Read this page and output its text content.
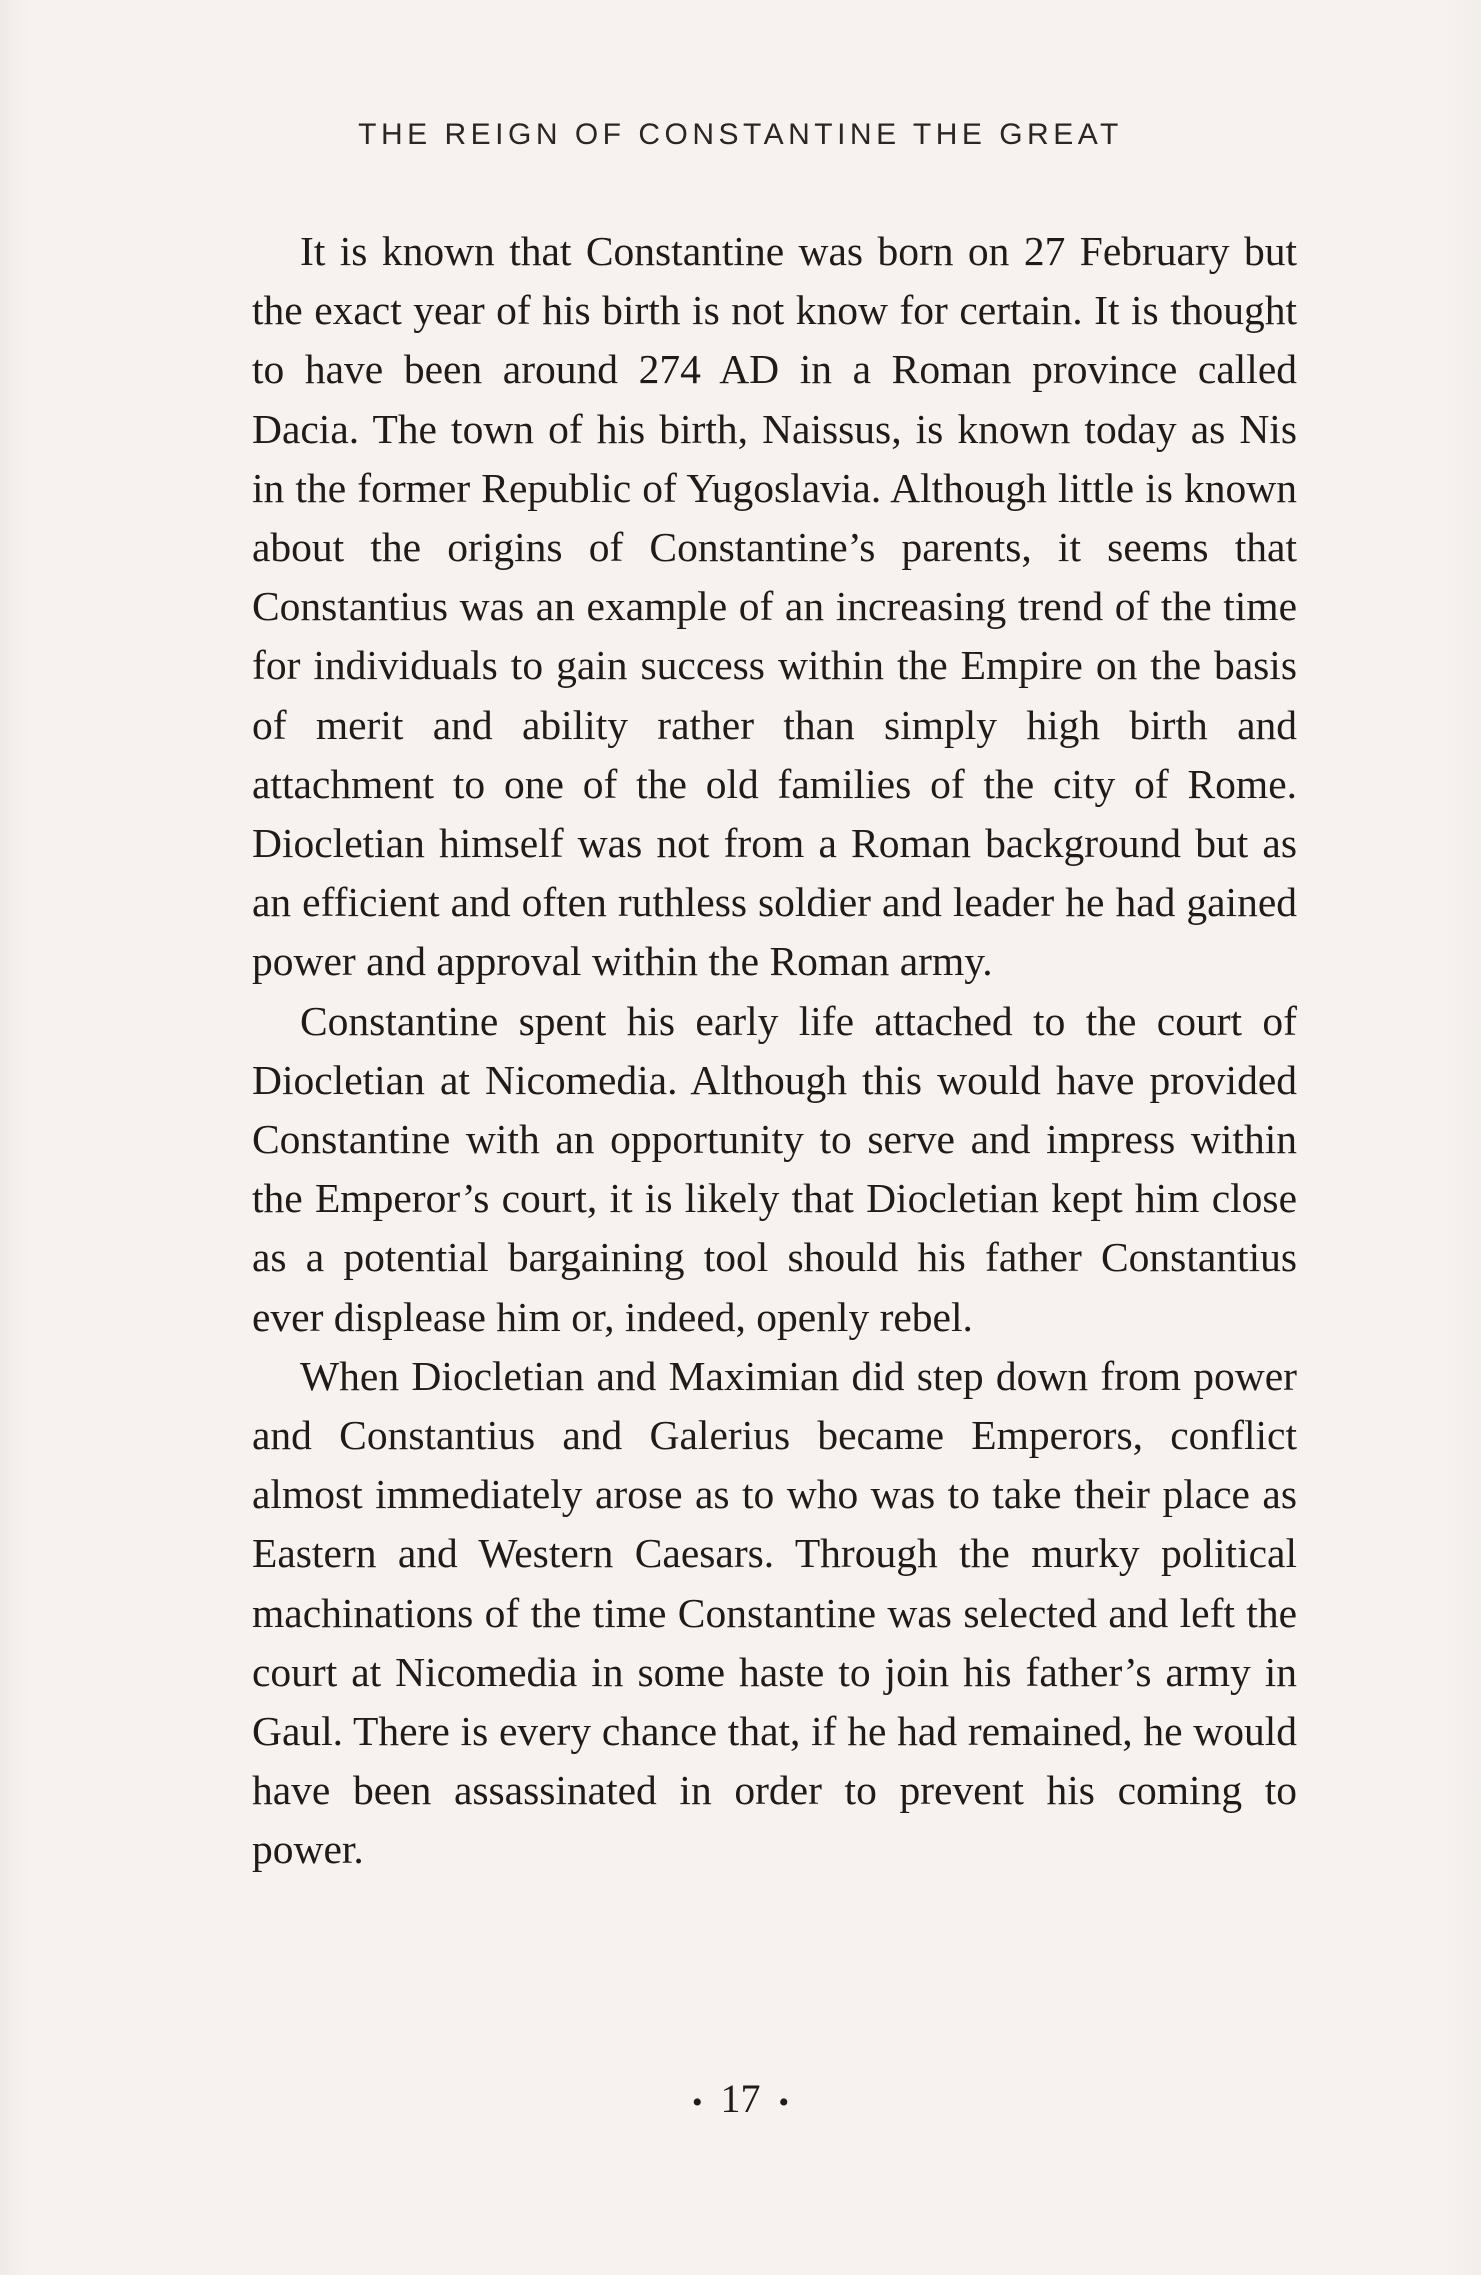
THE REIGN OF CONSTANTINE THE GREAT

It is known that Constantine was born on 27 February but the exact year of his birth is not know for certain. It is thought to have been around 274 AD in a Roman province called Dacia. The town of his birth, Naissus, is known today as Nis in the former Republic of Yugoslavia. Although little is known about the origins of Constantine’s parents, it seems that Constantius was an example of an increasing trend of the time for individuals to gain success within the Empire on the basis of merit and ability rather than simply high birth and attachment to one of the old families of the city of Rome. Diocletian himself was not from a Roman background but as an efficient and often ruthless soldier and leader he had gained power and approval within the Roman army.

Constantine spent his early life attached to the court of Diocletian at Nicomedia. Although this would have provided Constantine with an opportunity to serve and impress within the Emperor’s court, it is likely that Diocletian kept him close as a potential bargaining tool should his father Constantius ever displease him or, indeed, openly rebel.

When Diocletian and Maximian did step down from power and Constantius and Galerius became Emperors, conflict almost immediately arose as to who was to take their place as Eastern and Western Caesars. Through the murky political machinations of the time Constantine was selected and left the court at Nicomedia in some haste to join his father’s army in Gaul. There is every chance that, if he had remained, he would have been assassinated in order to prevent his coming to power.

• 17 •
